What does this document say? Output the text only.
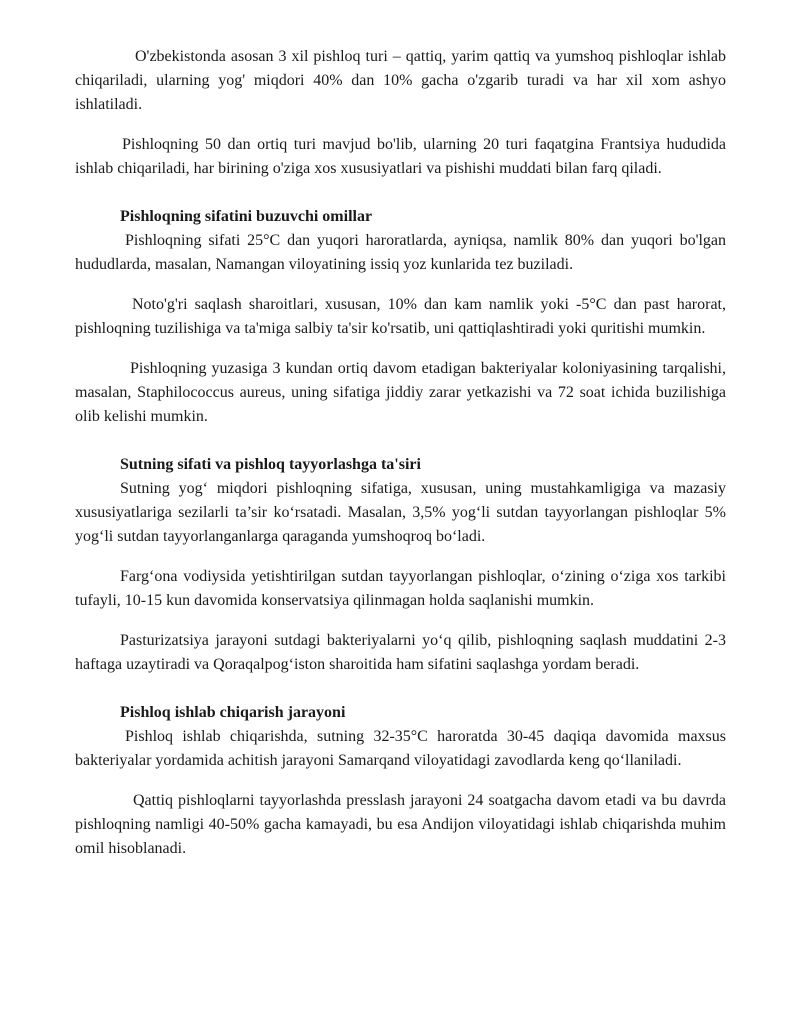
O'zbekistonda asosan 3 xil pishloq turi – qattiq, yarim qattiq va yumshoq pishloqlar ishlab chiqariladi, ularning yog' miqdori 40% dan 10% gacha o'zgarib turadi va har xil xom ashyo ishlatiladi.

Pishloqning 50 dan ortiq turi mavjud bo'lib, ularning 20 turi faqatgina Frantsiya hududida ishlab chiqariladi, har birining o'ziga xos xususiyatlari va pishishi muddati bilan farq qiladi.

Pishloqning sifatini buzuvchi omillar

Pishloqning sifati 25°C dan yuqori haroratlarda, ayniqsa, namlik 80% dan yuqori bo'lgan hududlarda, masalan, Namangan viloyatining issiq yoz kunlarida tez buziladi.

Noto'g'ri saqlash sharoitlari, xususan, 10% dan kam namlik yoki -5°C dan past harorat, pishloqning tuzilishiga va ta'miga salbiy ta'sir ko'rsatib, uni qattiqlashtiradi yoki quritishi mumkin.

Pishloqning yuzasiga 3 kundan ortiq davom etadigan bakteriyalar koloniyasining tarqalishi, masalan, Staphilococcus aureus, uning sifatiga jiddiy zarar yetkazishi va 72 soat ichida buzilishiga olib kelishi mumkin.

Sutning sifati va pishloq tayyorlashga ta'siri

Sutning yog‘ miqdori pishloqning sifatiga, xususan, uning mustahkamligiga va mazasiy xususiyatlariga sezilarli ta’sir ko‘rsatadi. Masalan, 3,5% yog‘li sutdan tayyorlangan pishloqlar 5% yog‘li sutdan tayyorlanganlarga qaraganda yumshoqroq bo‘ladi.

Farg‘ona vodiysida yetishtirilgan sutdan tayyorlangan pishloqlar, o‘zining o‘ziga xos tarkibi tufayli, 10-15 kun davomida konservatsiya qilinmagan holda saqlanishi mumkin.

Pasturizatsiya jarayoni sutdagi bakteriyalarni yo‘q qilib, pishloqning saqlash muddatini 2-3 haftaga uzaytiradi va Qoraqalpog‘iston sharoitida ham sifatini saqlashga yordam beradi.

Pishloq ishlab chiqarish jarayoni

Pishloq ishlab chiqarishda, sutning 32-35°C haroratda 30-45 daqiqa davomida maxsus bakteriyalar yordamida achitish jarayoni Samarqand viloyatidagi zavodlarda keng qo‘llaniladi.

Qattiq pishloqlarni tayyorlashda presslash jarayoni 24 soatgacha davom etadi va bu davrda pishloqning namligi 40-50% gacha kamayadi, bu esa Andijon viloyatidagi ishlab chiqarishda muhim omil hisoblanadi.
